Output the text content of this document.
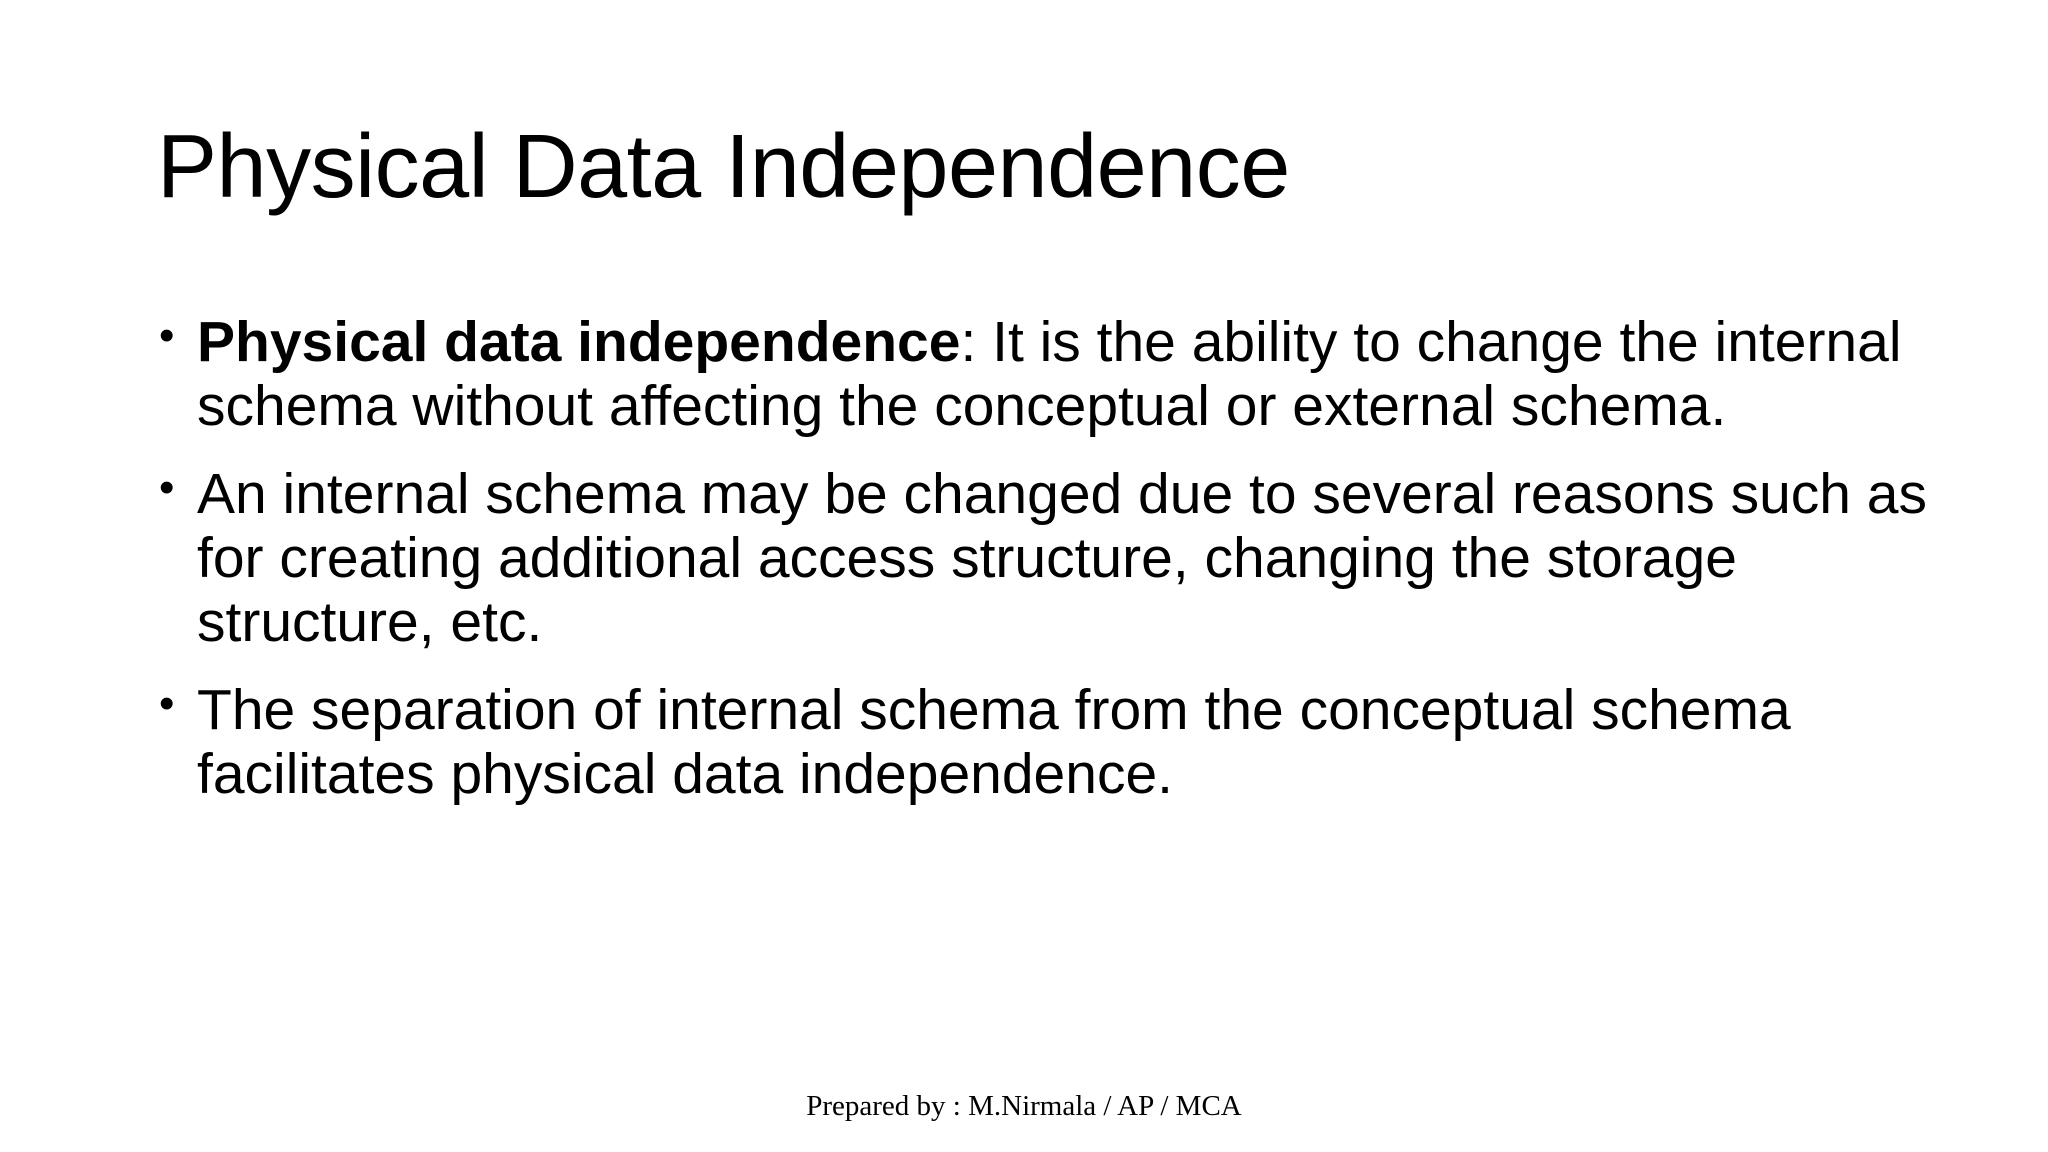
Physical Data Independence
• Physical data independence: It is the ability to change the internal schema without affecting the conceptual or external schema.
• An internal schema may be changed due to several reasons such as for creating additional access structure, changing the storage structure, etc.
• The separation of internal schema from the conceptual schema facilitates physical data independence.
Prepared by : M.Nirmala / AP / MCA
